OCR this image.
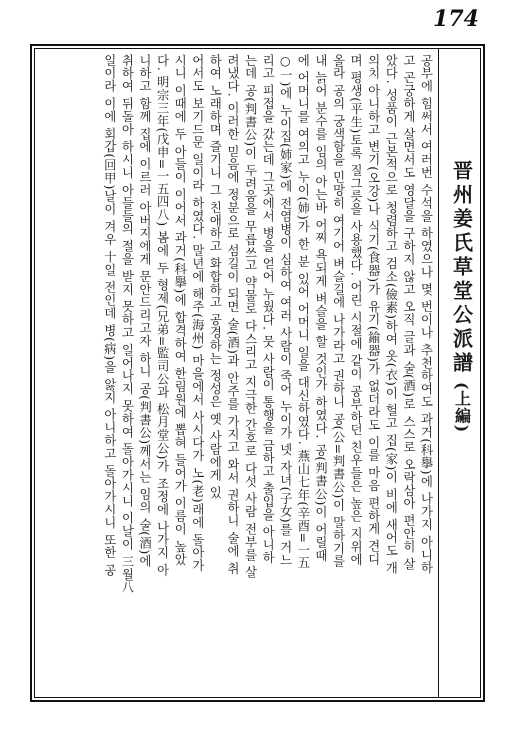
174
공부에 힘써서 여러번 수석을 하였으나 몇 번이나 추천하여도 과거(科擧)에 나가지 아니하
고 곤궁하게 살면서도 영달을 구하지 않고 오직 글과 술(酒)로 스스로 오락삼아 편안히 살
았다. 성품이 근본적으로 청렴하고 검소(儉素)하여 옷(衣)이 헐고 집(家)이 비에 새어도 개
의치 아니하고 변기(오강)나 식기(食器)가 유기(鍮器)가 없더라도 이를 마음 편하게 견디
며 평생(平生)토록 질그릇을 사용했다. 어린 시절에 같이 공부하던 친우들은 높은 지위에
올라 공의 궁색함을 민망히 여기어 벼슬길에 나가라고 권하니 공(公=判書公)이 말하기를
내 늙어 분수를 임의 아는바 어찌 욕되게 벼슬을 할 것인가 하였다. 공(判書公)이 어릴때
에 어머니를 여의고 누이(姉)가 한 분 있어 어머니 일을 대신하였다. 燕山七年(辛酉=一五
○一)에 누이집(姉家)에 전염병이 심하여 여러 사람이 죽어 누이가 넷 자녀(子女)를 거느
리고 피접을 갔는데 그곳에서 병을 얻어 누웠다. 뭇 사람이 통행을 금하고 출입을 아니하
는데 공(判書公)이 두려움을 무릅쓰고 약물로 다스리고 지극한 간호로 다섯 사람 전부를 살
려냈다. 이러한 믿음에 정분으로 섬길이 되면 술(酒)과 안주를 가지고 와서 권하니 술에 취
하여 노래하며 즐기니 그 친애하고 화합하고 공경하는 정성은 옛 사람에게 있
어서도 보기드문 일이라 하였다. 말년에 해주(海州) 마을에서 사시다가 노(老)래에 돌아가
시니 이때에 두 아들이 이어서 과거(科擧)에 합격하여 한림원에 뽑혀 들어가 이름이 높았
다. 明宗三年(戊申=一五四八) 봄에 두 형제(兄弟=監司公과 松月堂公)가 조정에 나가지 아
니하고 함께 집에 이르러 아버지에게 문안드리고자 하니 공(判書公)께서는 임의 술(酒)에
취하여 뒤돌아 하시니 아들들의 절을 받지 못하고 일어나지 못하여 돌아가시니 이날이 三월八
일이라 이에 회갑(回甲)날이 겨우 十일 전인데 병(病)을 앓지 아니하고 돌아가시니 또한 공	晋州姜氏草堂公派譜
(上編)
